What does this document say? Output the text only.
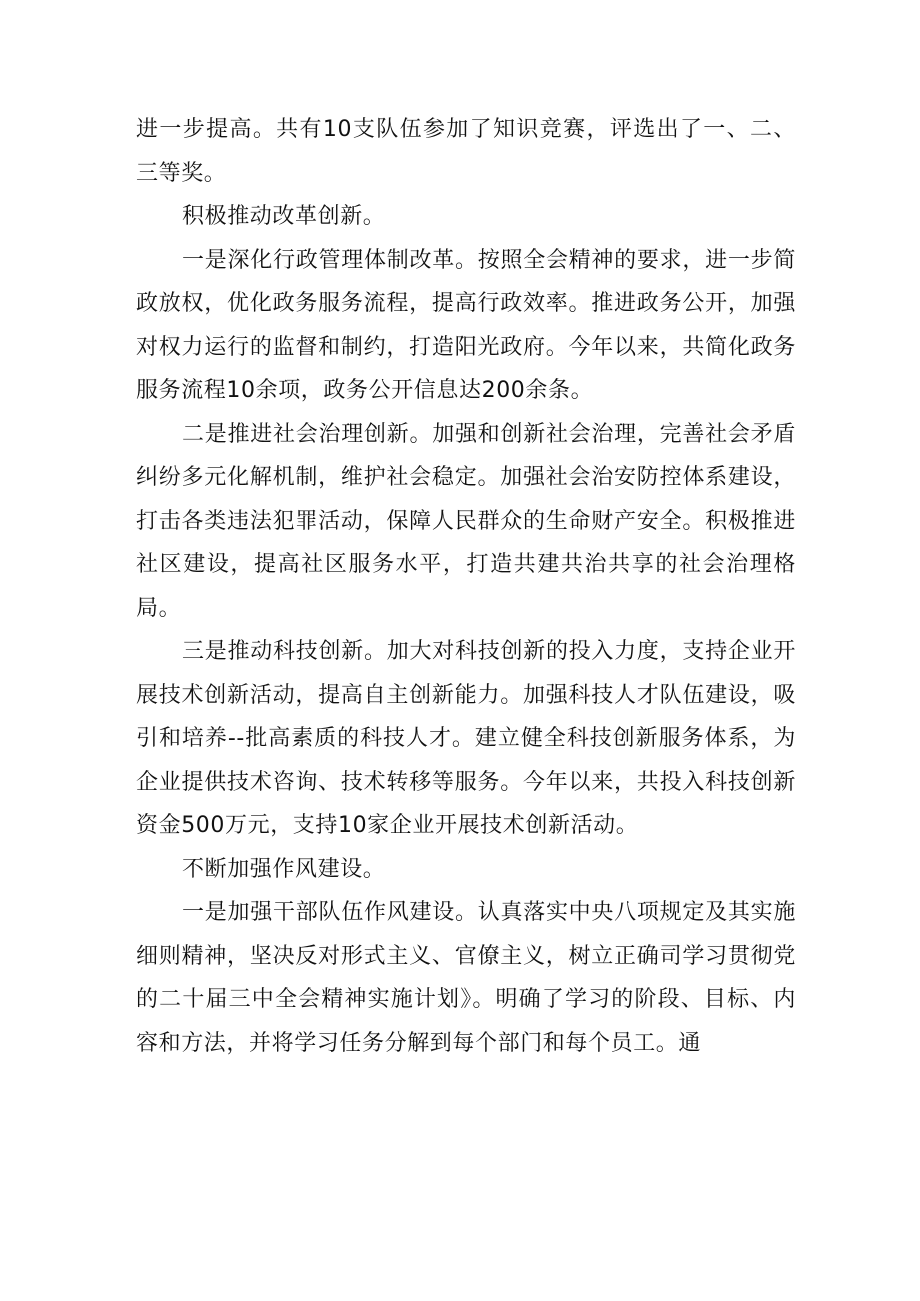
进一步提高。共有10支队伍参加了知识竞赛，评选出了一、二、三等奖。

积极推动改革创新。

一是深化行政管理体制改革。按照全会精神的要求，进一步简政放权，优化政务服务流程，提高行政效率。推进政务公开，加强对权力运行的监督和制约，打造阳光政府。今年以来，共简化政务服务流程10余项，政务公开信息达200余条。

二是推进社会治理创新。加强和创新社会治理，完善社会矛盾纠纷多元化解机制，维护社会稳定。加强社会治安防控体系建设，打击各类违法犯罪活动，保障人民群众的生命财产安全。积极推进社区建设，提高社区服务水平，打造共建共治共享的社会治理格局。

三是推动科技创新。加大对科技创新的投入力度，支持企业开展技术创新活动，提高自主创新能力。加强科技人才队伍建设，吸引和培养--批高素质的科技人才。建立健全科技创新服务体系，为企业提供技术咨询、技术转移等服务。今年以来，共投入科技创新资金500万元，支持10家企业开展技术创新活动。

不断加强作风建设。

一是加强干部队伍作风建设。认真落实中央八项规定及其实施细则精神，坚决反对形式主义、官僚主义，树立正确司学习贯彻党的二十届三中全会精神实施计划》。明确了学习的阶段、目标、内容和方法，并将学习任务分解到每个部门和每个员工。通
